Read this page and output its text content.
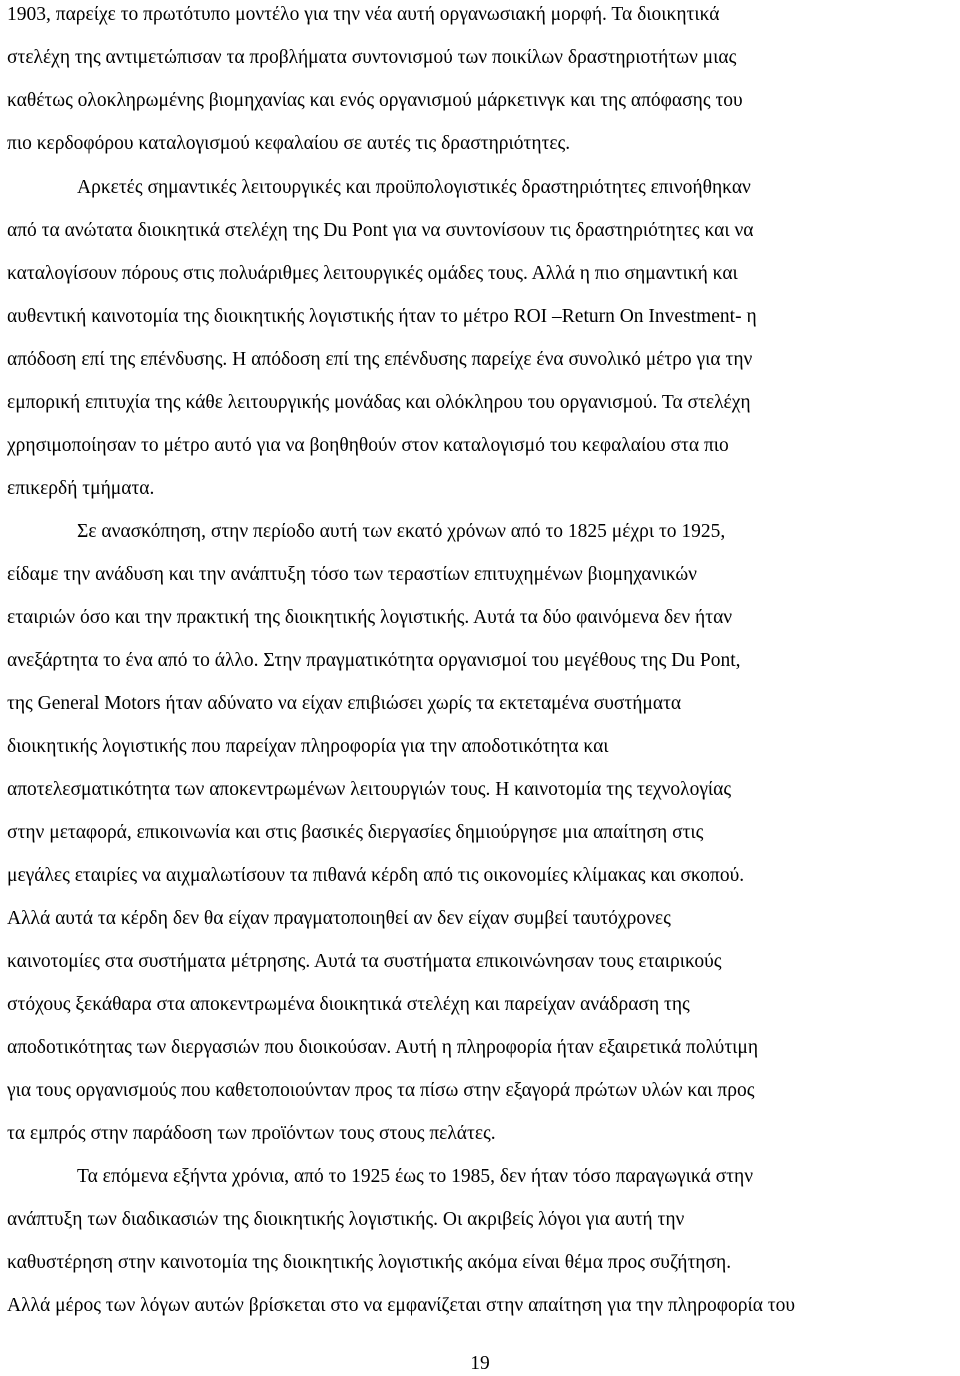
1903, παρείχε το πρωτότυπο μοντέλο για την νέα αυτή οργανωσιακή μορφή. Τα διοικητικά
στελέχη της αντιμετώπισαν τα προβλήματα συντονισμού των ποικίλων δραστηριοτήτων μιας
καθέτως ολοκληρωμένης βιομηχανίας και ενός οργανισμού μάρκετινγκ και της απόφασης του
πιο κερδοφόρου καταλογισμού κεφαλαίου σε αυτές τις δραστηριότητες.
Αρκετές σημαντικές λειτουργικές και προϋπολογιστικές δραστηριότητες επινοήθηκαν
από τα ανώτατα διοικητικά στελέχη της Du Pont για να συντονίσουν τις δραστηριότητες και να
καταλογίσουν πόρους στις πολυάριθμες λειτουργικές ομάδες τους. Αλλά η πιο σημαντική και
αυθεντική καινοτομία της διοικητικής λογιστικής ήταν το μέτρο ROI –Return On Investment- η
απόδοση επί της επένδυσης. Η απόδοση επί της επένδυσης παρείχε ένα συνολικό μέτρο για την
εμπορική επιτυχία της κάθε λειτουργικής μονάδας και ολόκληρου του οργανισμού. Τα στελέχη
χρησιμοποίησαν το μέτρο αυτό για να βοηθηθούν στον καταλογισμό του κεφαλαίου στα πιο
επικερδή τμήματα.
Σε ανασκόπηση, στην περίοδο αυτή των εκατό χρόνων από το 1825 μέχρι το 1925,
είδαμε την ανάδυση και την ανάπτυξη τόσο των τεραστίων επιτυχημένων βιομηχανικών
εταιριών όσο και την πρακτική της διοικητικής λογιστικής. Αυτά τα δύο φαινόμενα δεν ήταν
ανεξάρτητα το ένα από το άλλο. Στην πραγματικότητα οργανισμοί του μεγέθους της Du Pont,
της General Motors ήταν αδύνατο να είχαν επιβιώσει χωρίς τα εκτεταμένα συστήματα
διοικητικής λογιστικής που παρείχαν πληροφορία για την αποδοτικότητα και
αποτελεσματικότητα των αποκεντρωμένων λειτουργιών τους. Η καινοτομία της τεχνολογίας
στην μεταφορά, επικοινωνία και στις βασικές διεργασίες δημιούργησε μια απαίτηση στις
μεγάλες εταιρίες να αιχμαλωτίσουν τα πιθανά κέρδη από τις οικονομίες κλίμακας και σκοπού.
Αλλά αυτά τα κέρδη δεν θα είχαν πραγματοποιηθεί αν δεν είχαν συμβεί ταυτόχρονες
καινοτομίες στα συστήματα μέτρησης. Αυτά τα συστήματα επικοινώνησαν τους εταιρικούς
στόχους ξεκάθαρα στα αποκεντρωμένα διοικητικά στελέχη και παρείχαν ανάδραση της
αποδοτικότητας των διεργασιών που διοικούσαν. Αυτή η πληροφορία ήταν εξαιρετικά πολύτιμη
για τους οργανισμούς που καθετοποιούνταν προς τα πίσω στην εξαγορά πρώτων υλών και προς
τα εμπρός στην παράδοση των προϊόντων τους στους πελάτες.
Τα επόμενα εξήντα χρόνια, από το 1925 έως το 1985, δεν ήταν τόσο παραγωγικά στην
ανάπτυξη των διαδικασιών της διοικητικής λογιστικής. Οι ακριβείς λόγοι για αυτή την
καθυστέρηση στην καινοτομία της διοικητικής λογιστικής ακόμα είναι θέμα προς συζήτηση.
Αλλά μέρος των λόγων αυτών βρίσκεται στο να εμφανίζεται στην απαίτηση για την πληροφορία του
19
